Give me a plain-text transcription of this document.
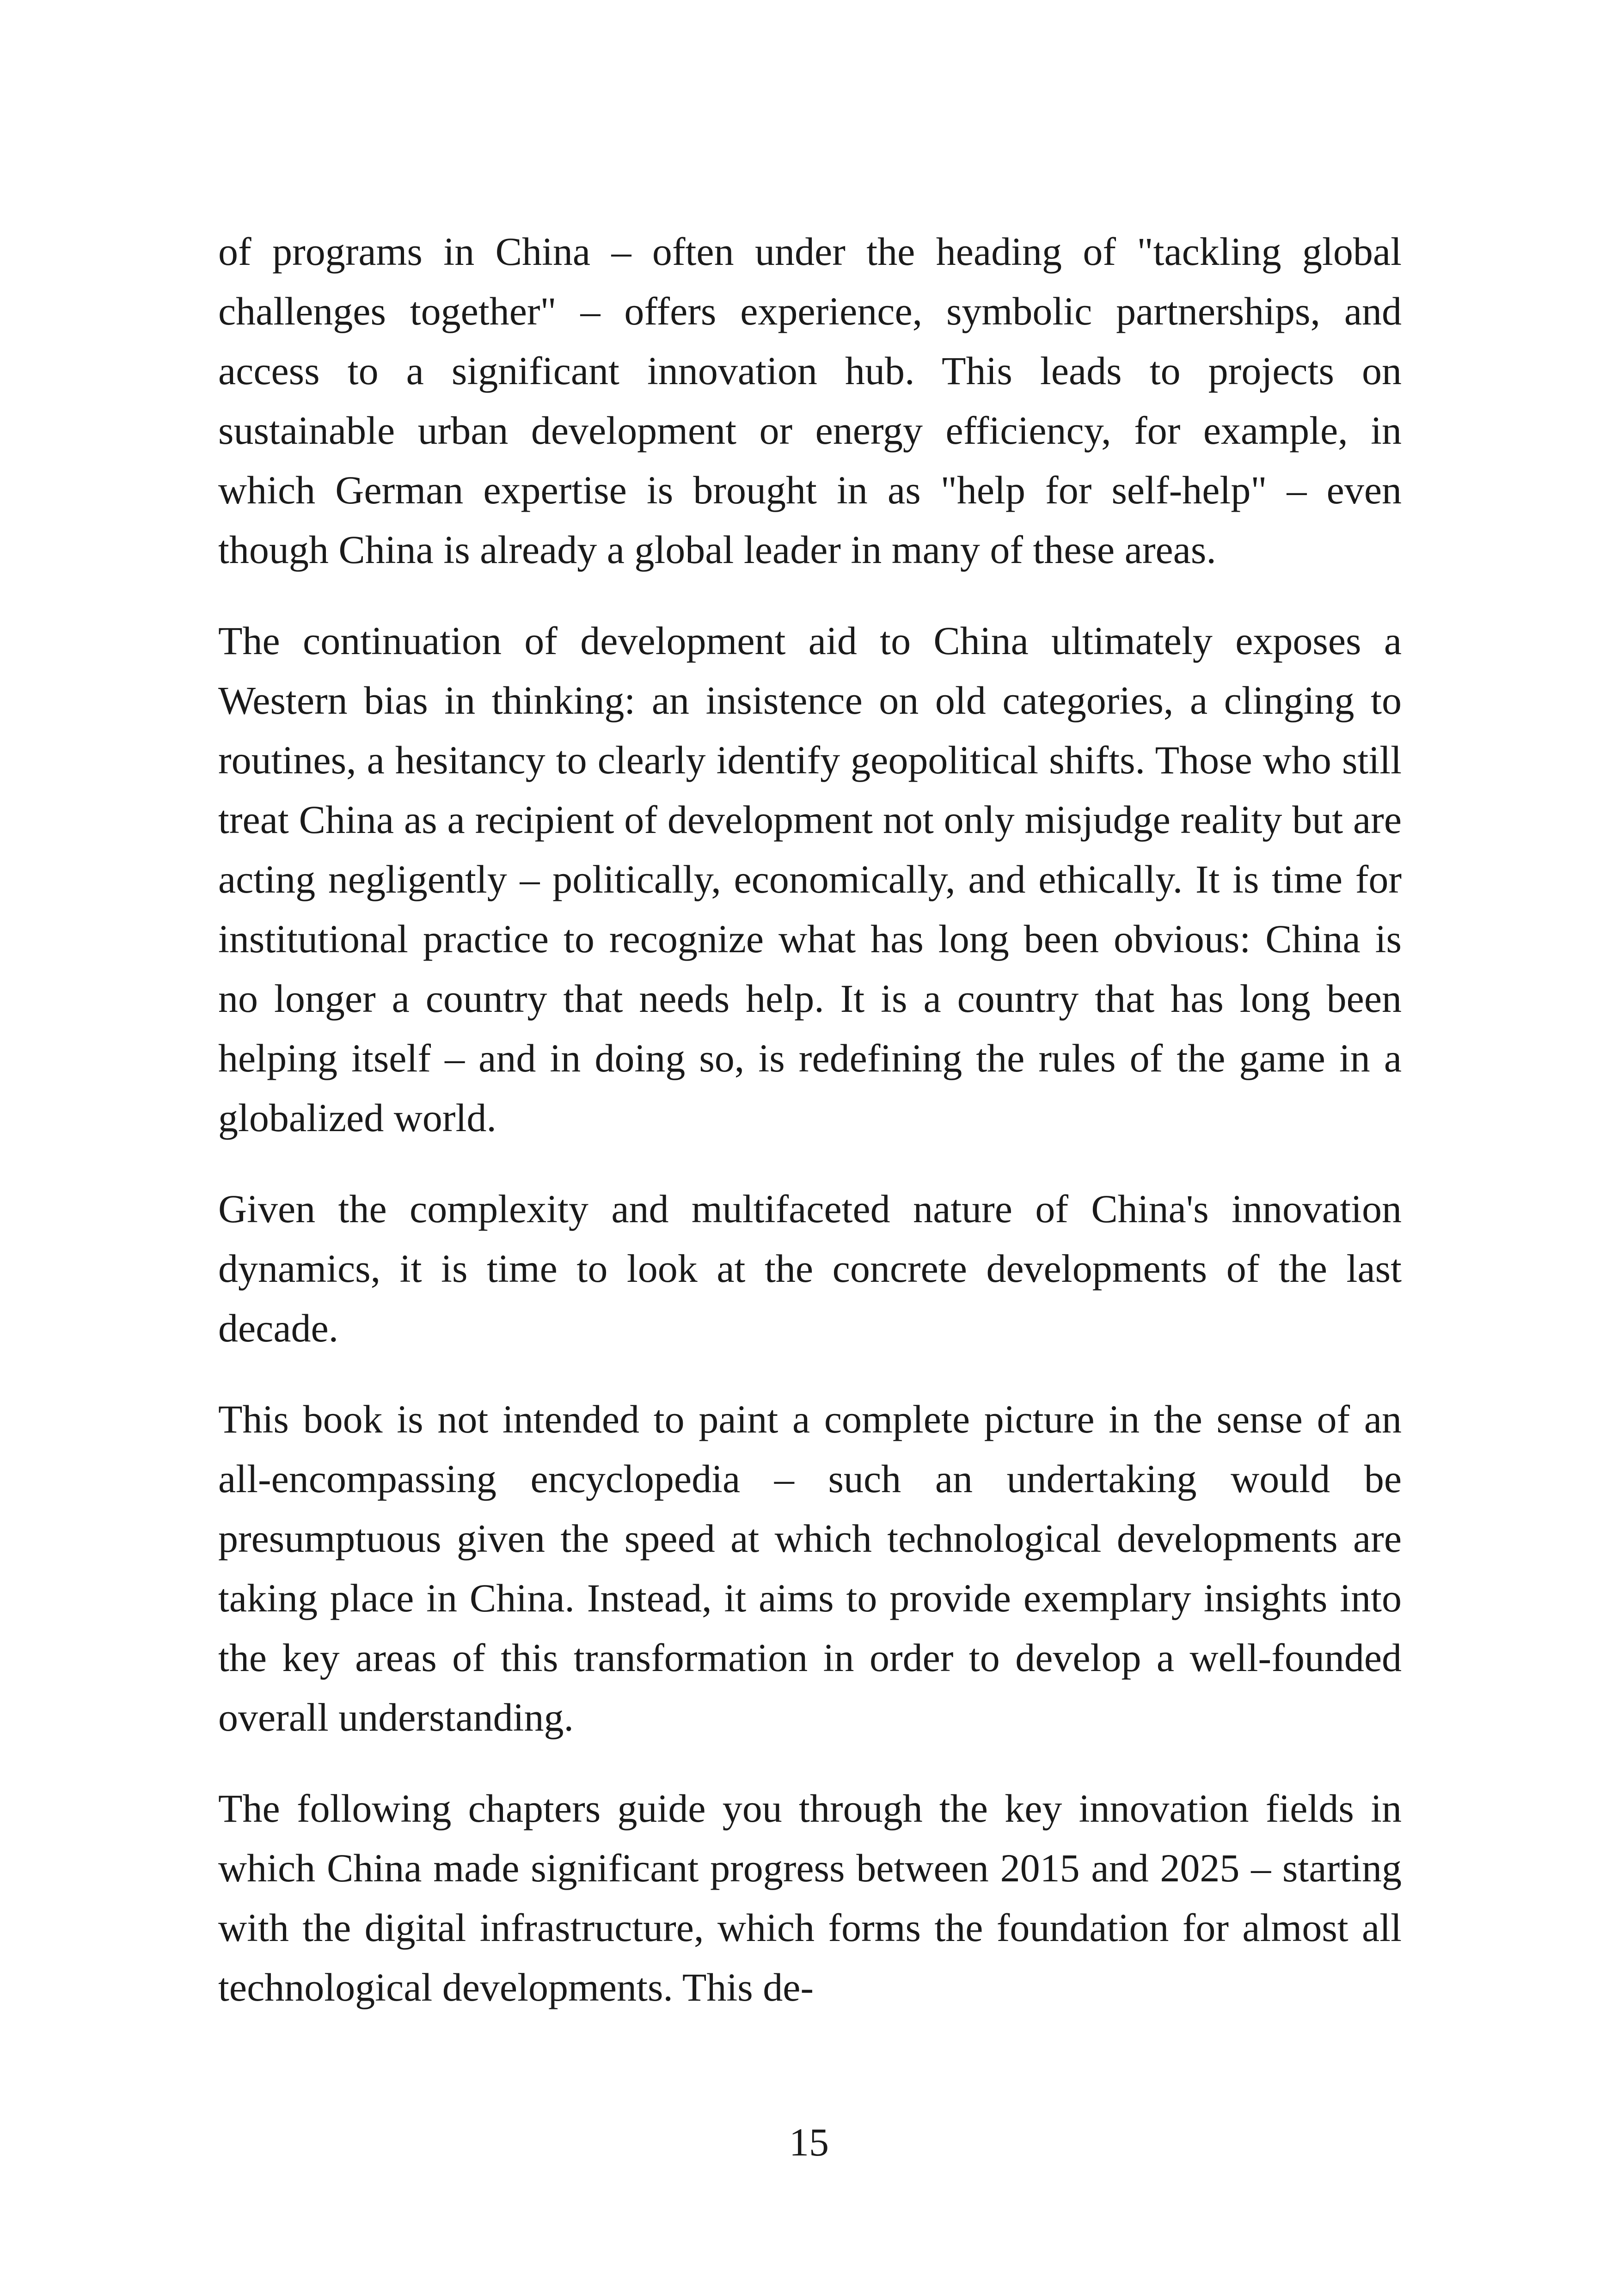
of programs in China – often under the heading of "tackling global challenges together" – offers experience, symbolic partnerships, and access to a significant innovation hub. This leads to projects on sustainable urban development or energy efficiency, for example, in which German expertise is brought in as "help for self-help" – even though China is already a global leader in many of these areas.

The continuation of development aid to China ultimately exposes a Western bias in thinking: an insistence on old categories, a clinging to routines, a hesitancy to clearly identify geopolitical shifts. Those who still treat China as a recipient of development not only misjudge reality but are acting negligently – politically, economically, and ethically. It is time for institutional practice to recognize what has long been obvious: China is no longer a country that needs help. It is a country that has long been helping itself – and in doing so, is redefining the rules of the game in a globalized world.

Given the complexity and multifaceted nature of China's innovation dynamics, it is time to look at the concrete developments of the last decade.

This book is not intended to paint a complete picture in the sense of an all-encompassing encyclopedia – such an undertaking would be presumptuous given the speed at which technological developments are taking place in China. Instead, it aims to provide exemplary insights into the key areas of this transformation in order to develop a well-founded overall understanding.

The following chapters guide you through the key innovation fields in which China made significant progress between 2015 and 2025 – starting with the digital infrastructure, which forms the foundation for almost all technological developments. This de-

15
